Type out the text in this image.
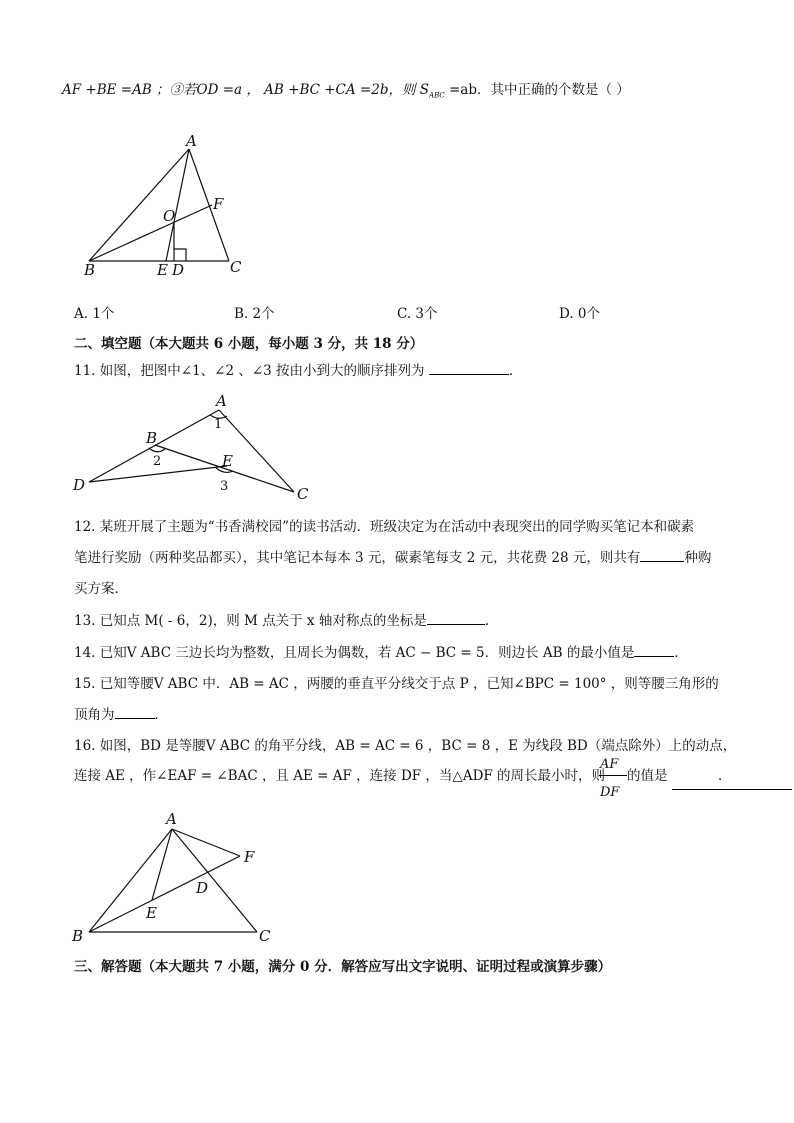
AF +BE =AB ；③若OD =a ， AB +BC +CA =2b，则 $S_{ABC} =ab$．其中正确的个数是（ ）
A
O
F
B	E D	C
A. 1个	B. 2个	C. 3个	D. 0个
二、填空题（本大题共 6 小题，每小题 3 分，共 18 分）
11. 如图，把图中∠1、∠2 、∠3 按由小到大的顺序排列为	．
A
B
E
D	C
1
2
3
12. 某班开展了主题为“书香满校园”的读书活动．班级决定为在活动中表现突出的同学购买笔记本和碳素
笔进行奖励（两种奖品都买），其中笔记本每本 3 元，碳素笔每支 2 元，共花费 28 元，则共有	种购
买方案．
13. 已知点 M( - 6，2)，则 M 点关于 x 轴对称点的坐标是	.
14. 已知V ABC 三边长均为整数，且周长为偶数，若 AC − BC = 5．则边长 AB 的最小值是	．
15. 已知等腰V ABC 中．AB = AC ，两腰的垂直平分线交于点 P ，已知∠BPC = 100° ，则等腰三角形的
顶角为	．
16. 如图，BD 是等腰V ABC 的角平分线，AB = AC = 6 ，BC = 8 ，E 为线段 BD（端点除外）上的动点，
连接 AE ，作∠EAF = ∠BAC ，且 AE = AF ，连接 DF ，当△ADF 的周长最小时，则
AF
DF
的值是	．
A
F
D
E
B	C
三、解答题（本大题共 7 小题，满分 0 分．解答应写出文字说明、证明过程或演算步骤）
